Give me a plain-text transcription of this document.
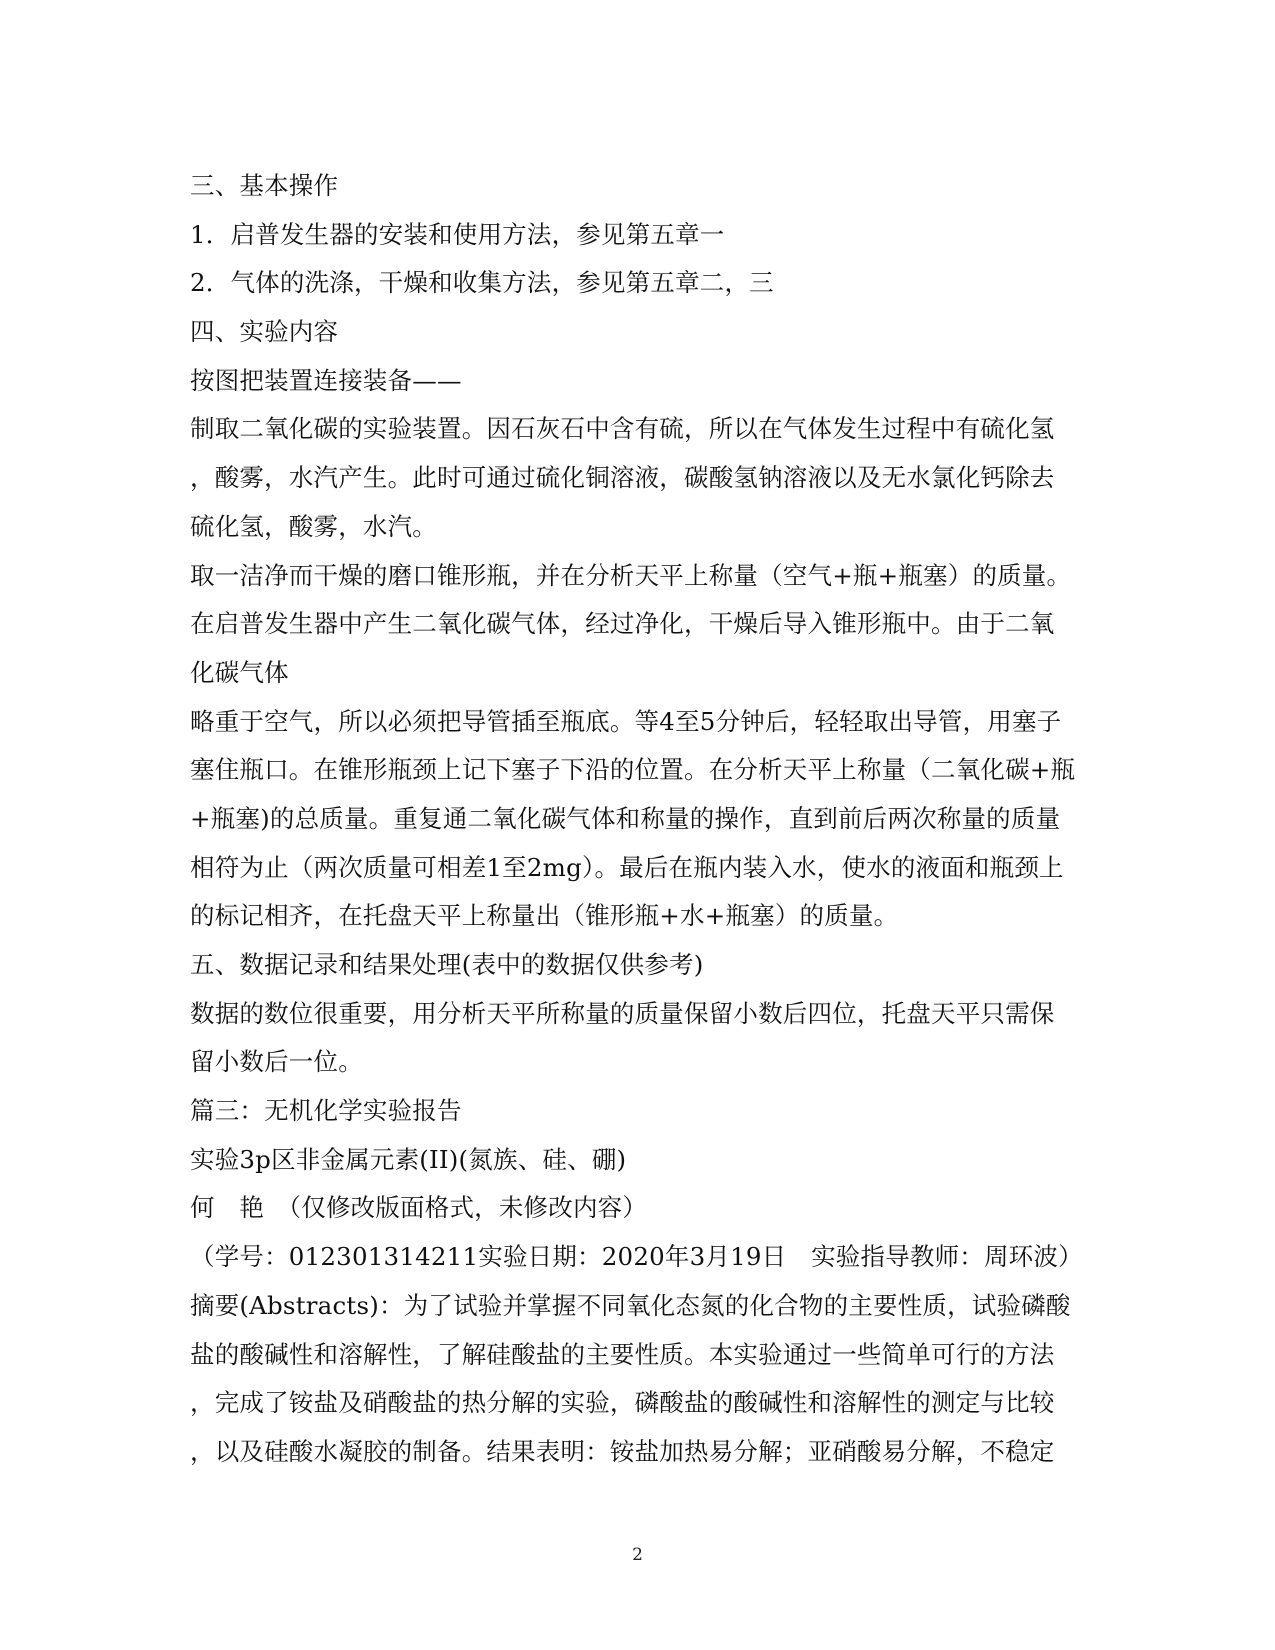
三、基本操作
1．启普发生器的安装和使用方法，参见第五章一
2．气体的洗涤，干燥和收集方法，参见第五章二，三
四、实验内容
按图把装置连接装备——
制取二氧化碳的实验装置。因石灰石中含有硫，所以在气体发生过程中有硫化氢
，酸雾，水汽产生。此时可通过硫化铜溶液，碳酸氢钠溶液以及无水氯化钙除去
硫化氢，酸雾，水汽。
取一洁净而干燥的磨口锥形瓶，并在分析天平上称量（空气+瓶+瓶塞）的质量。
在启普发生器中产生二氧化碳气体，经过净化，干燥后导入锥形瓶中。由于二氧
化碳气体
略重于空气，所以必须把导管插至瓶底。等4至5分钟后，轻轻取出导管，用塞子
塞住瓶口。在锥形瓶颈上记下塞子下沿的位置。在分析天平上称量（二氧化碳+瓶
+瓶塞)的总质量。重复通二氧化碳气体和称量的操作，直到前后两次称量的质量
相符为止（两次质量可相差1至2mg）。最后在瓶内装入水，使水的液面和瓶颈上
的标记相齐，在托盘天平上称量出（锥形瓶+水+瓶塞）的质量。
五、数据记录和结果处理(表中的数据仅供参考)
数据的数位很重要，用分析天平所称量的质量保留小数后四位，托盘天平只需保
留小数后一位。
篇三：无机化学实验报告
实验3p区非金属元素(II)(氮族、硅、硼)
何　艳　（仅修改版面格式，未修改内容）
（学号：012301314211实验日期：2020年3月19日　实验指导教师：周环波）
摘要(Abstracts)：为了试验并掌握不同氧化态氮的化合物的主要性质，试验磷酸
盐的酸碱性和溶解性，了解硅酸盐的主要性质。本实验通过一些简单可行的方法
，完成了铵盐及硝酸盐的热分解的实验，磷酸盐的酸碱性和溶解性的测定与比较
，以及硅酸水凝胶的制备。结果表明：铵盐加热易分解；亚硝酸易分解，不稳定
2
